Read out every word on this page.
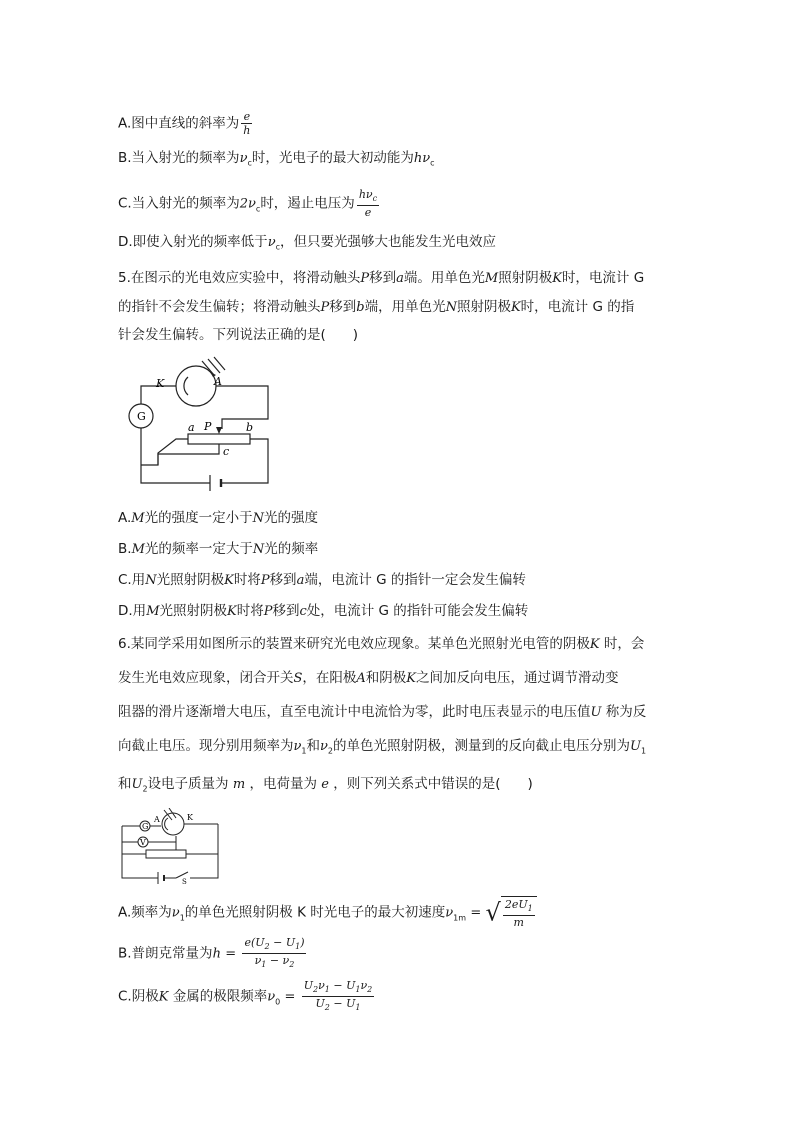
A.图中直线的斜率为 $\frac{e}{h}$
B.当入射光的频率为$\nu_c$时，光电子的最大初动能为$h\nu_c$
C.当入射光的频率为$2\nu_c$时，遏止电压为 $\frac{h\nu_c}{e}$
D.即使入射光的频率低于$\nu_c$，但只要光强够大也能发生光电效应
5.在图示的光电效应实验中，将滑动触头P移到a端。用单色光M照射阴极K时，电流计 G
的指针不会发生偏转；将滑动触头P移到b端，用单色光N照射阴极K时，电流计 G 的指
针会发生偏转。下列说法正确的是(　　)
K	A
G
a P	b
c
A.M光的强度一定小于N光的强度
B.M光的频率一定大于N光的频率
C.用N光照射阴极K时将P移到a端，电流计 G 的指针一定会发生偏转
D.用M光照射阴极K时将P移到c处，电流计 G 的指针可能会发生偏转
6.某同学采用如图所示的装置来研究光电效应现象。某单色光照射光电管的阴极K 时，会
发生光电效应现象，闭合开关S，在阳极A和阴极K之间加反向电压，通过调节滑动变
阻器的滑片逐渐增大电压，直至电流计中电流恰为零，此时电压表显示的电压值U 称为反
向截止电压。现分别用频率为$\nu_1$和$\nu_2$的单色光照射阴极，测量到的反向截止电压分别为$U_1$
和$U_2$设电子质量为 m ，电荷量为 e ，则下列关系式中错误的是(　　)
G
A	K
V
S
A.频率为$\nu_1$的单色光照射阴极 K 时光电子的最大初速度$\nu_{1m}$ = √ $\frac{2eU_1}{m}$
B.普朗克常量为$h = \frac{e(U_2 - U_1)}{\nu_1 - \nu_2}$
C.阴极K 金属的极限频率$\nu_0 = \frac{U_2\nu_1 - U_1\nu_2}{U_2 - U_1}$
